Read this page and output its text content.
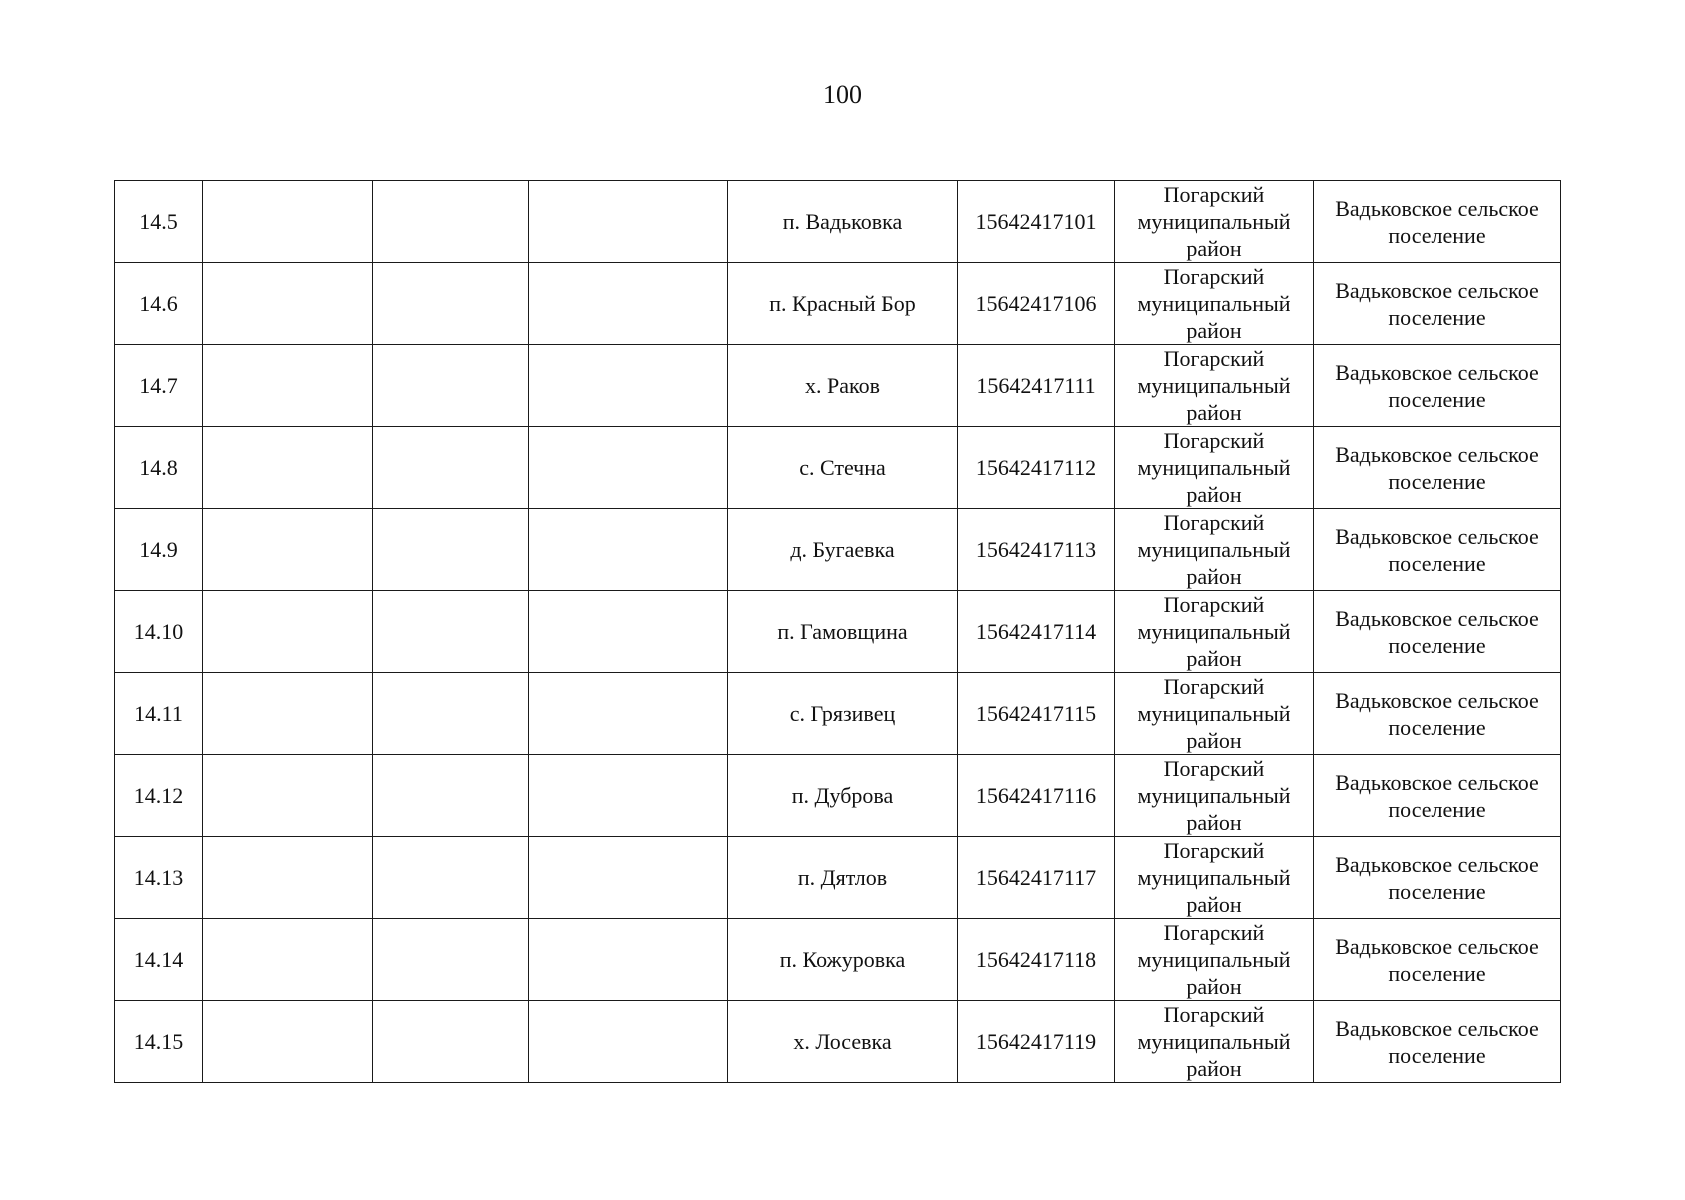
100
14.5				п. Вадьковка	15642417101	Погарский муниципальный район	Вадьковское сельское поселение
14.6				п. Красный Бор	15642417106	Погарский муниципальный район	Вадьковское сельское поселение
14.7				х. Раков	15642417111	Погарский муниципальный район	Вадьковское сельское поселение
14.8				с. Стечна	15642417112	Погарский муниципальный район	Вадьковское сельское поселение
14.9				д. Бугаевка	15642417113	Погарский муниципальный район	Вадьковское сельское поселение
14.10				п. Гамовщина	15642417114	Погарский муниципальный район	Вадьковское сельское поселение
14.11				с. Грязивец	15642417115	Погарский муниципальный район	Вадьковское сельское поселение
14.12				п. Дуброва	15642417116	Погарский муниципальный район	Вадьковское сельское поселение
14.13				п. Дятлов	15642417117	Погарский муниципальный район	Вадьковское сельское поселение
14.14				п. Кожуровка	15642417118	Погарский муниципальный район	Вадьковское сельское поселение
14.15				х. Лосевка	15642417119	Погарский муниципальный район	Вадьковское сельское поселение
